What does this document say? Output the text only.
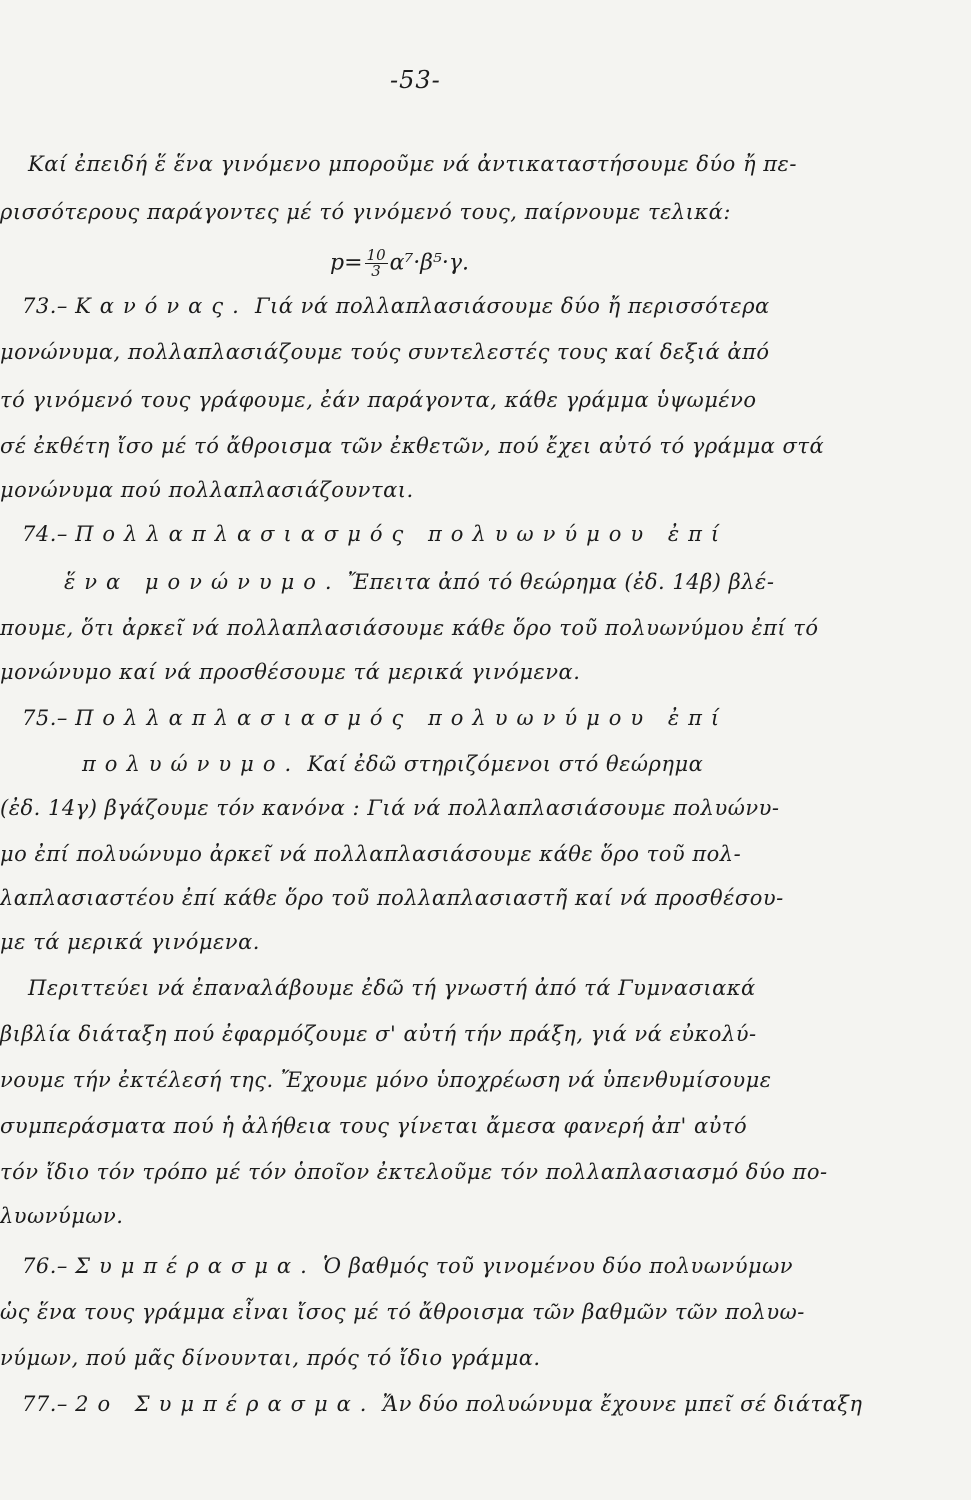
-53-
Καί ἐπειδή ἕ ἕνα γινόμενο μποροῦμε νά ἀντικαταστήσουμε δύο ἤ πε-
ρισσότερους παράγοντες μέ τό γινόμενό τους, παίρνουμε τελικά:
$p= \frac{10}{3} \alpha^7\cdot\beta^5\cdot\gamma$.
73.– Κανόνας. Γιά νά πολλαπλασιάσουμε δύο ἤ περισσότερα
μονώνυμα, πολλαπλασιάζουμε τούς συντελεστές τους καί δεξιά ἀπό
τό γινόμενό τους γράφουμε, ἐάν παράγοντα, κάθε γράμμα ὑψωμένο
σέ ἐκθέτη ἴσο μέ τό ἄθροισμα τῶν ἐκθετῶν, πού ἔχει αὐτό τό γράμμα στά
μονώνυμα πού πολλαπλασιάζουνται.
74.– Πολλαπλασιασμός πολυωνύμου ἐπί
ἕνα μονώνυμο. Ἔπειτα ἀπό τό θεώρημα (ἐδ. 14β) βλέ-
πουμε, ὅτι ἀρκεῖ νά πολλαπλασιάσουμε κάθε ὅρο τοῦ πολυωνύμου ἐπί τό
μονώνυμο καί νά προσθέσουμε τά μερικά γινόμενα.
75.– Πολλαπλασιασμός πολυωνύμου ἐπί
πολυώνυμο. Καί ἐδῶ στηριζόμενοι στό θεώρημα
(ἐδ. 14γ) βγάζουμε τόν κανόνα : Γιά νά πολλαπλασιάσουμε πολυώνυ-
μο ἐπί πολυώνυμο ἀρκεῖ νά πολλαπλασιάσουμε κάθε ὅρο τοῦ πολ-
λαπλασιαστέου ἐπί κάθε ὅρο τοῦ πολλαπλασιαστῆ καί νά προσθέσου-
με τά μερικά γινόμενα.
Περιττεύει νά ἐπαναλάβουμε ἐδῶ τή γνωστή ἀπό τά Γυμνασιακά
βιβλία διάταξη πού ἐφαρμόζουμε σ' αὐτή τήν πράξη, γιά νά εὐκολύ-
νουμε τήν ἐκτέλεσή της. Ἔχουμε μόνο ὑποχρέωση νά ὑπενθυμίσουμε
συμπεράσματα πού ἡ ἀλήθεια τους γίνεται ἄμεσα φανερή ἀπ' αὐτό
τόν ἴδιο τόν τρόπο μέ τόν ὁποῖον ἐκτελοῦμε τόν πολλαπλασιασμό δύο πο-
λυωνύμων.
76.– Συμπέρασμα. Ὁ βαθμός τοῦ γινομένου δύο πολυωνύμων
ὡς ἕνα τους γράμμα εἶναι ἴσος μέ τό ἄθροισμα τῶν βαθμῶν τῶν πολυω-
νύμων, πού μᾶς δίνουνται, πρός τό ἴδιο γράμμα.
77.– 2ο Συμπέρασμα. Ἄν δύο πολυώνυμα ἔχουνε μπεῖ σέ διάταξη
